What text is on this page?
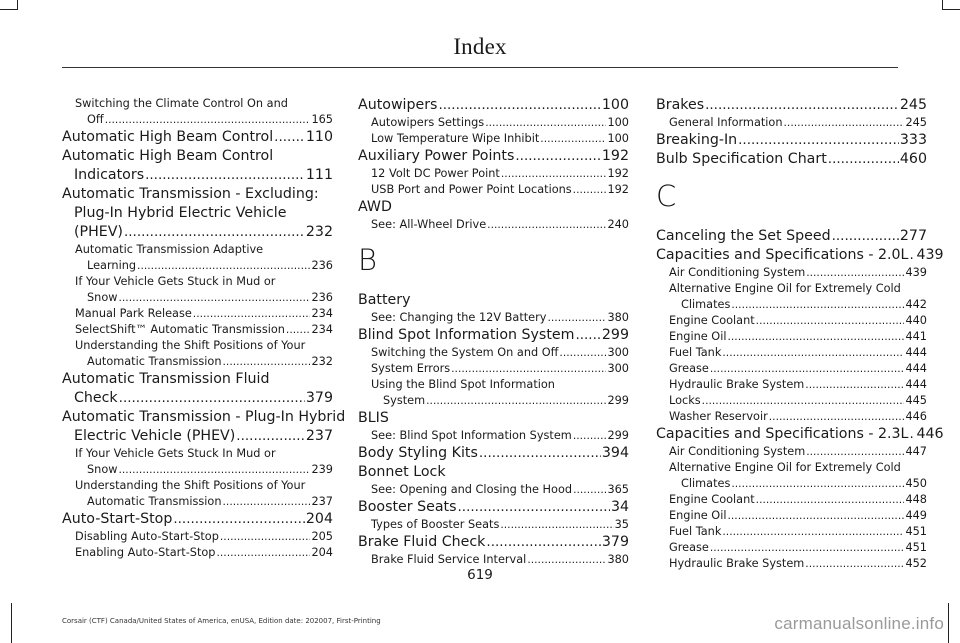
Index
Switching the Climate Control On and
Off .....	165
Automatic High Beam Control ..... 110
Automatic High Beam Control
Indicators .....	111
Automatic Transmission - Excluding:
Plug-In Hybrid Electric Vehicle
(PHEV) .....	232
Automatic Transmission Adaptive
Learning .....	236
If Your Vehicle Gets Stuck in Mud or
Snow .....	236
Manual Park Release .....	234
SelectShift™ Automatic Transmission ..... 234
Understanding the Shift Positions of Your
Automatic Transmission .....	232
Automatic Transmission Fluid
Check .....	379
Automatic Transmission - Plug-In Hybrid
Electric Vehicle (PHEV) .....	237
If Your Vehicle Gets Stuck In Mud or
Snow .....	239
Understanding the Shift Positions of Your
Automatic Transmission .....	237
Auto-Start-Stop .....	204
Disabling Auto-Start-Stop .....	205
Enabling Auto-Start-Stop .....	204
Autowipers .....	100
Autowipers Settings .....	100
Low Temperature Wipe Inhibit .....	100
Auxiliary Power Points .....	192
12 Volt DC Power Point .....	192
USB Port and Power Point Locations .....	192
AWD
See: All-Wheel Drive .....	240
B
Battery
See: Changing the 12V Battery .....	380
Blind Spot Information System ..... 299
Switching the System On and Off .....	300
System Errors .....	300
Using the Blind Spot Information
System .....	299
BLIS
See: Blind Spot Information System .....	299
Body Styling Kits .....	394
Bonnet Lock
See: Opening and Closing the Hood .....	365
Booster Seats .....	34
Types of Booster Seats .....	35
Brake Fluid Check .....	379
Brake Fluid Service Interval .....	380
Brakes .....	245
General Information .....	245
Breaking-In .....	333
Bulb Specification Chart .....	460
C
Canceling the Set Speed .....	277
Capacities and Specifications - 2.0L ..... 439
Air Conditioning System .....	439
Alternative Engine Oil for Extremely Cold
Climates .....	442
Engine Coolant .....	440
Engine Oil .....	441
Fuel Tank .....	444
Grease .....	444
Hydraulic Brake System .....	444
Locks .....	445
Washer Reservoir .....	446
Capacities and Specifications - 2.3L ..... 446
Air Conditioning System .....	447
Alternative Engine Oil for Extremely Cold
Climates .....	450
Engine Coolant .....	448
Engine Oil .....	449
Fuel Tank .....	451
Grease .....	451
Hydraulic Brake System .....	452
619
Corsair (CTF) Canada/United States of America, enUSA, Edition date: 202007, First-Printing	carmanualsonline.info
